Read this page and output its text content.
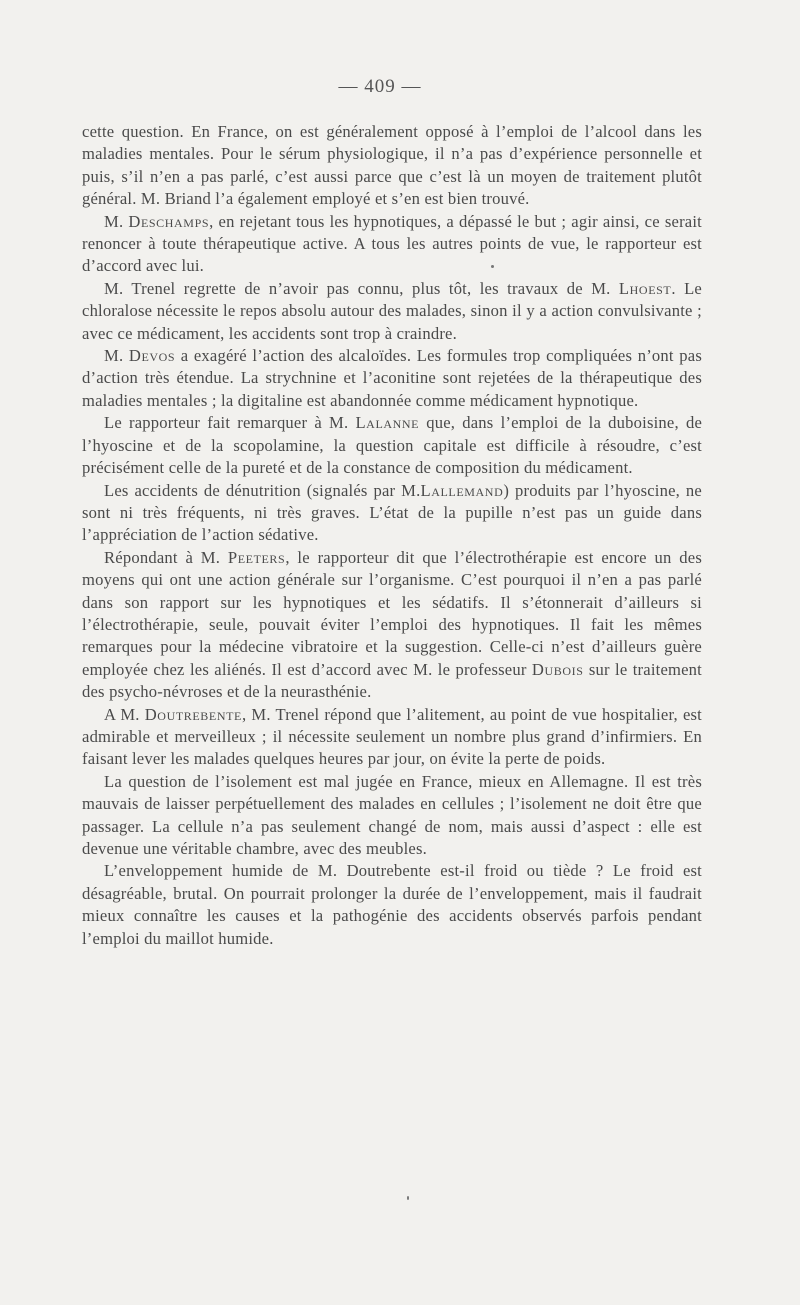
— 409 —

cette question. En France, on est généralement opposé à l’emploi de l’alcool dans les maladies mentales. Pour le sérum physiologique, il n’a pas d’expérience personnelle et puis, s’il n’en a pas parlé, c’est aussi parce que c’est là un moyen de traitement plutôt général. M. Briand l’a également employé et s’en est bien trouvé.

M. Deschamps, en rejetant tous les hypnotiques, a dépassé le but ; agir ainsi, ce serait renoncer à toute thérapeutique active. A tous les autres points de vue, le rapporteur est d’accord avec lui.

M. Trenel regrette de n’avoir pas connu, plus tôt, les travaux de M. Lhoest. Le chloralose nécessite le repos absolu autour des malades, sinon il y a action convulsivante ; avec ce médicament, les accidents sont trop à craindre.

M. Devos a exagéré l’action des alcaloïdes. Les formules trop compliquées n’ont pas d’action très étendue. La strychnine et l’aconitine sont rejetées de la thérapeutique des maladies mentales ; la digitaline est abandonnée comme médicament hypnotique.

Le rapporteur fait remarquer à M. Lalanne que, dans l’emploi de la duboisine, de l’hyoscine et de la scopolamine, la question capitale est difficile à résoudre, c’est précisément celle de la pureté et de la constance de composition du médicament.

Les accidents de dénutrition (signalés par M.Lallemand) produits par l’hyoscine, ne sont ni très fréquents, ni très graves. L’état de la pupille n’est pas un guide dans l’appréciation de l’action sédative.

Répondant à M. Peeters, le rapporteur dit que l’électrothérapie est encore un des moyens qui ont une action générale sur l’organisme. C’est pourquoi il n’en a pas parlé dans son rapport sur les hypnotiques et les sédatifs. Il s’étonnerait d’ailleurs si l’électrothérapie, seule, pouvait éviter l’emploi des hypnotiques. Il fait les mêmes remarques pour la médecine vibratoire et la suggestion. Celle-ci n’est d’ailleurs guère employée chez les aliénés. Il est d’accord avec M. le professeur Dubois sur le traitement des psycho-névroses et de la neurasthénie.

A M. Doutrebente, M. Trenel répond que l’alitement, au point de vue hospitalier, est admirable et merveilleux ; il nécessite seulement un nombre plus grand d’infirmiers. En faisant lever les malades quelques heures par jour, on évite la perte de poids.

La question de l’isolement est mal jugée en France, mieux en Allemagne. Il est très mauvais de laisser perpétuellement des malades en cellules ; l’isolement ne doit être que passager. La cellule n’a pas seulement changé de nom, mais aussi d’aspect : elle est devenue une véritable chambre, avec des meubles.

L’enveloppement humide de M. Doutrebente est-il froid ou tiède ? Le froid est désagréable, brutal. On pourrait prolonger la durée de l’enveloppement, mais il faudrait mieux connaître les causes et la pathogénie des accidents observés parfois pendant l’emploi du maillot humide.
